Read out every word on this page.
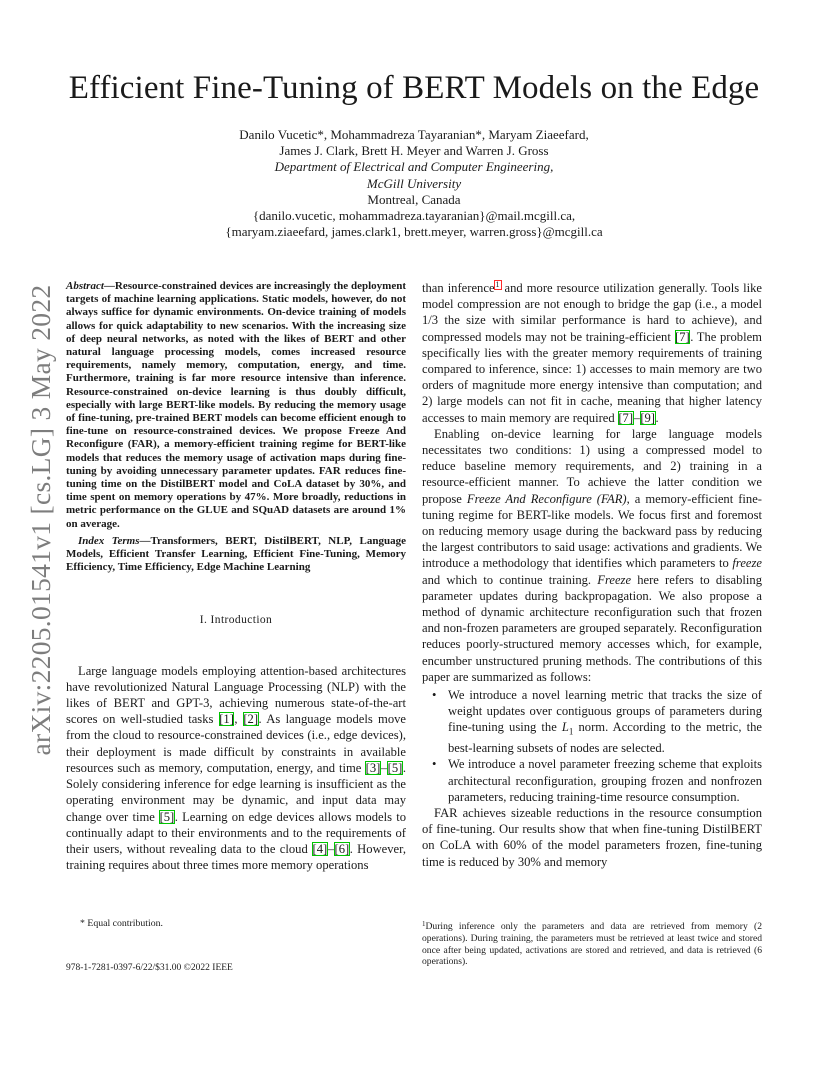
Efficient Fine-Tuning of BERT Models on the Edge
Danilo Vucetic*, Mohammadreza Tayaranian*, Maryam Ziaeefard,
James J. Clark, Brett H. Meyer and Warren J. Gross
Department of Electrical and Computer Engineering,
McGill University
Montreal, Canada
{danilo.vucetic, mohammadreza.tayaranian}@mail.mcgill.ca,
{maryam.ziaeefard, james.clark1, brett.meyer, warren.gross}@mcgill.ca
arXiv:2205.01541v1 [cs.LG] 3 May 2022 Abstract—Resource-constrained devices are increasingly the deployment targets of machine learning applications. Static models, however, do not always suffice for dynamic environments. On-device training of models allows for quick adaptability to new scenarios. With the increasing size of deep neural networks, as noted with the likes of BERT and other natural language processing models, comes increased resource requirements, namely memory, computation, energy, and time. Furthermore, training is far more resource intensive than inference. Resource-constrained on-device learning is thus doubly difficult, especially with large BERT-like models. By reducing the memory usage of fine-tuning, pre-trained BERT models can become efficient enough to fine-tune on resource-constrained devices. We propose Freeze And Reconfigure (FAR), a memory-efficient training regime for BERT-like models that reduces the memory usage of activation maps during fine-tuning by avoiding unnecessary parameter updates. FAR reduces fine-tuning time on the DistilBERT model and CoLA dataset by 30%, and time spent on memory operations by 47%. More broadly, reductions in metric performance on the GLUE and SQuAD datasets are around 1% on average.

Index Terms—Transformers, BERT, DistilBERT, NLP, Language Models, Efficient Transfer Learning, Efficient Fine-Tuning, Memory Efficiency, Time Efficiency, Edge Machine Learning

I. Introduction

Large language models employing attention-based architectures have revolutionized Natural Language Processing (NLP) with the likes of BERT and GPT-3, achieving numerous state-of-the-art scores on well-studied tasks [1], [2]. As language models move from the cloud to resource-constrained devices (i.e., edge devices), their deployment is made difficult by constraints in available resources such as memory, computation, energy, and time [3]–[5]. Solely considering inference for edge learning is insufficient as the operating environment may be dynamic, and input data may change over time [5]. Learning on edge devices allows models to continually adapt to their environments and to the requirements of their users, without revealing data to the cloud [4]–[6]. However, training requires about three times more memory operations

* Equal contribution.
978-1-7281-0397-6/22/$31.00 ©2022 IEEE

than inference1 and more resource utilization generally. Tools like model compression are not enough to bridge the gap (i.e., a model 1/3 the size with similar performance is hard to achieve), and compressed models may not be training-efficient [7]. The problem specifically lies with the greater memory requirements of training compared to inference, since: 1) accesses to main memory are two orders of magnitude more energy intensive than computation; and 2) large models can not fit in cache, meaning that higher latency accesses to main memory are required [7]–[9].

Enabling on-device learning for large language models necessitates two conditions: 1) using a compressed model to reduce baseline memory requirements, and 2) training in a resource-efficient manner. To achieve the latter condition we propose Freeze And Reconfigure (FAR), a memory-efficient fine-tuning regime for BERT-like models. We focus first and foremost on reducing memory usage during the backward pass by reducing the largest contributors to said usage: activations and gradients. We introduce a methodology that identifies which parameters to freeze and which to continue training. Freeze here refers to disabling parameter updates during backpropagation. We also propose a method of dynamic architecture reconfiguration such that frozen and non-frozen parameters are grouped separately. Reconfiguration reduces poorly-structured memory accesses which, for example, encumber unstructured pruning methods. The contributions of this paper are summarized as follows:

• We introduce a novel learning metric that tracks the size of weight updates over contiguous groups of parameters during fine-tuning using the $L_1$ norm. According to the metric, the best-learning subsets of nodes are selected.
• We introduce a novel parameter freezing scheme that exploits architectural reconfiguration, grouping frozen and nonfrozen parameters, reducing training-time resource consumption.

FAR achieves sizeable reductions in the resource consumption of fine-tuning. Our results show that when fine-tuning DistilBERT on CoLA with 60% of the model parameters frozen, fine-tuning time is reduced by 30% and memory

$^1$During inference only the parameters and data are retrieved from memory (2 operations). During training, the parameters must be retrieved at least twice and stored once after being updated, activations are stored and retrieved, and data is retrieved (6 operations).
